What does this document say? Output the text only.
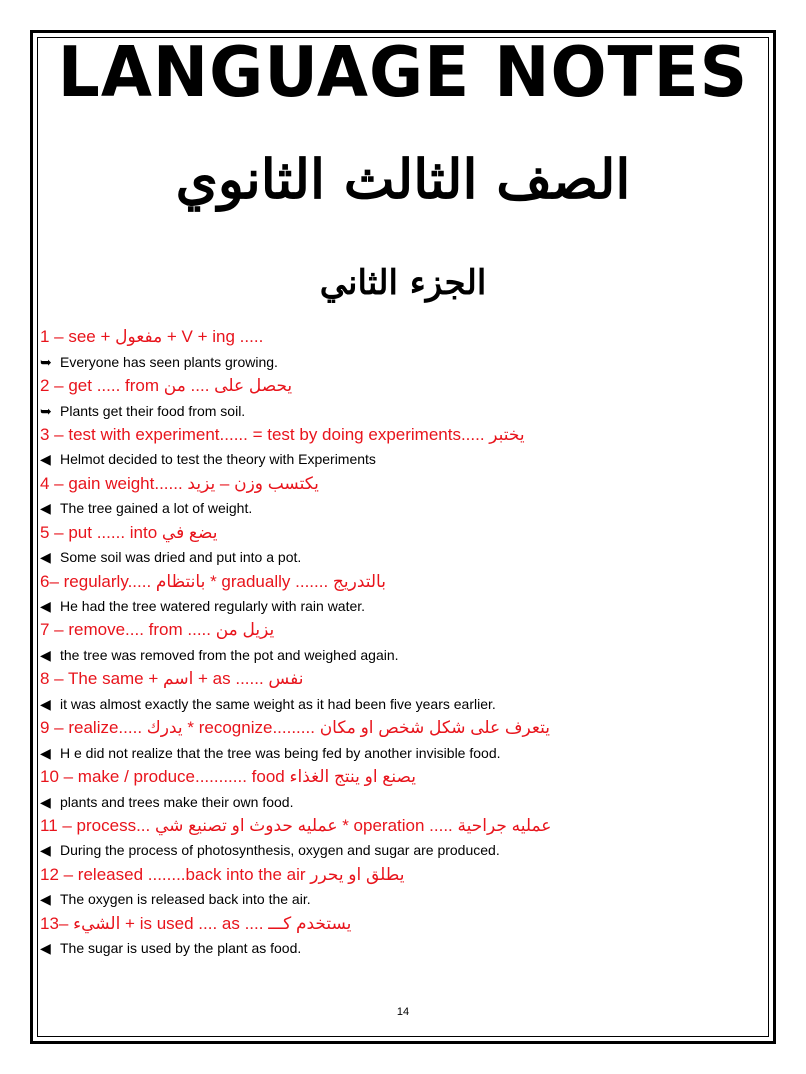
LANGUAGE NOTES
الصف الثالث الثانوي
الجزء الثاني
1 – see + مفعول + V + ing .....
➥ Everyone has seen plants growing.
2 – get ..... from يحصل على .... من
➥ Plants get their food from soil.
3 – test with experiment...... = test by doing experiments..... يختبر
◀ Helmot decided to test the theory with Experiments
4 – gain weight...... يكتسب وزن – يزيد
◀ The tree gained a lot of weight.
5 – put ...... into يضع في
◀ Some soil was dried and put into a pot.
6– regularly..... بانتظام * gradually ....... بالتدريج
◀ He had the tree watered regularly with rain water.
7 – remove.... from ..... يزيل من
◀ the tree was removed from the pot and weighed again.
8 – The same + اسم + as ...... نفس
◀ it was almost exactly the same weight as it had been five years earlier.
9 – realize..... يدرك * recognize......... يتعرف على شكل شخص او مكان
◀ H e did not realize that the tree was being fed by another invisible food.
10 – make / produce........... food يصنع او ينتج الغذاء
◀ plants and trees make their own food.
11 – process... عمليه حدوث او تصنيع شي * operation ..... عمليه جراحية
◀ During the process of photosynthesis, oxygen and sugar are produced.
12 – released ........back into the air يطلق او يحرر
◀ The oxygen is released back into the air.
13– الشيء + is used .... as .... يستخدم كـــ
◀ The sugar is used by the plant as food.
14
